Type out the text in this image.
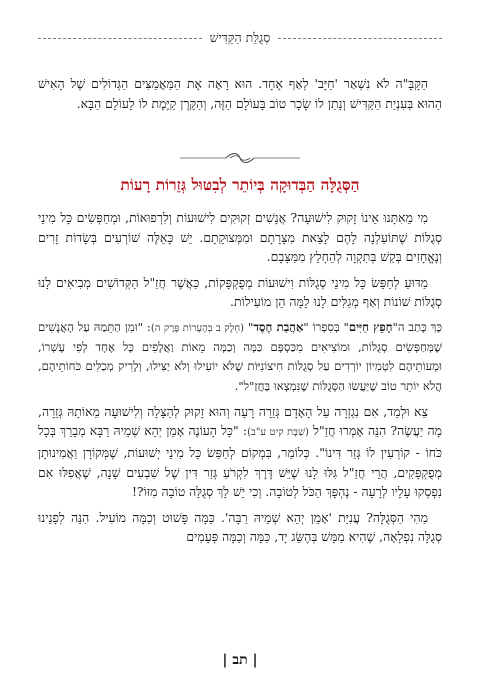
סְגֻלַּת הַקַּדִּישׁ

הַקָּבָּ"ה לֹא נִשְׁאַר 'חַיָּב' לְאַף אֶחָד. הוּא רָאָה אֶת הַמַּאֲמַצִּים הַגְּדוֹלִים שֶׁל הָאִישׁ הַהוּא בְּעִנְיַת הַקַּדִּישׁ וְנָתַן לוֹ שָׂכָר טוֹב בָּעוֹלָם הַזֶּה, וְהַקֶּרֶן קַיֶּמֶת לוֹ לָעוֹלָם הַבָּא.

הַסְּגֻלָּה הַבְּדוּקָה בְּיוֹתֵר לְבִטּוּל גְּזֵרוֹת רָעוֹת

מִי מֵאִתָּנוּ אֵינוֹ זָקוּק לִישׁוּעָה? אֲנָשִׁים זְקוּקִים לִישׁוּעוֹת וְלִרְפוּאוֹת, וּמְחַפְּשִׂים כָּל מִינֵי סְגֻלּוֹת שֶׁתּוֹעַלְנָה לָהֶם לָצֵאת מִצָּרָתָם וּמִמְּצוּקָתָם. יֵשׁ כָּאֵלֶּה שׁוֹרְעִים בְּשָׂדוֹת זָרִים וְנֶאֱחָזִים בְּקַשׁ בְּתִקְוָה לְהֵחָלֵץ מִמַּצָּבָם.

מַדּוּעַ לְחַפֵּשׂ כָּל מִינֵי סְגֻלּוֹת וִישׁוּעוֹת מְפֻקְפָּקוֹת, כַּאֲשֶׁר חֲזַ"ל הַקְּדוֹשִׁים מְבִיאִים לָנוּ סְגֻלּוֹת שׁוֹנוֹת וְאַף מְגַלִּים לָנוּ לָמָּה הֵן מוֹעִילוֹת.

כָּךְ כָּתַב ה"חָפֵץ חַיִּים" בְּסִפְרוֹ "אַהֲבַת חֶסֶד" (חֵלֶק ב בְּהֶעָרוֹת פֶּרֶק ה): "וּמִן הַתֵּמַהּ עַל הָאֲנָשִׁים שֶׁמְּחַפְּשִׂים סְגֻלּוֹת, וּמוֹצִיאִים מִכַּסְפָּם כַּמָּה וְכַמָּה מֵאוֹת וַאֲלָפִים כָּל אֶחָד לְפִי עָשְׁרוֹ, וּמְעוֹתֵיהֶם לִטְמִיוֹן יוֹרְדִים עַל סְגֻלּוֹת חִיצוֹנִיּוֹת שֶׁלֹּא יוֹעִילוּ וְלֹא יַצִּילוּ, וְלָרִיק מְכַלִּים כֹּחוֹתֵיהֶם, הֲלֹא יוֹתֵר טוֹב שֶׁיַּעֲשׂוּ הַסְּגֻלּוֹת שֶׁנִּמְצְאוּ בַּחֲזַ"ל".

צֵא וּלְמַד, אִם נִגְזְרָה עַל הָאָדָם גְּזֵרָה רָעָה וְהוּא זָקוּק לְהַצָּלָה וְלִישׁוּעָה מֵאוֹתָהּ גְּזֵרָה, מָה יַעֲשֶׂה? הִנֵּה אָמְרוּ חֲזַ"ל (שַׁבָּת קיט ע"ב): "כָּל הָעוֹנֶה אָמֵן יְהֵא שְׁמֵיהּ רַבָּא מְבָרַךְ בְּכָל כֹּחוֹ - קוֹרְעִין לוֹ גְּזַר דִּינוֹ". כְּלוֹמַר, בִּמְקוֹם לְחַפֵּשׂ כָּל מִינֵי יְשׁוּעוֹת, שֶׁמְּקוֹרָן וַאֲמִינוּתָן מְפֻקְפָּקִים, הֲרֵי חֲזַ"ל גִּלּוּ לָנוּ שֶׁיֵּשׁ דֶּרֶךְ לִקְרֹעַ גְּזַר דִּין שֶׁל שִׁבְעִים שָׁנָה, שֶׁאֲפִלּוּ אִם נִפְסְקוּ עָלָיו לְרָעָה - נֶהְפָּךְ הַכֹּל לְטוֹבָה. וְכִי יֵשׁ לָךְ סְגֻלָּה טוֹבָה מִזּוֹ?!

מַהִי הַסְּגֻלָּה? עֲנִיַּת 'אָמֵן יְהֵא שְׁמֵיהּ רַבָּה'. כַּמָּה פָּשׁוּט וְכַמָּה מוֹעִיל. הִנֵּה לְפָנֵינוּ סְגֻלָּה נִפְלָאָה, שֶׁהִיא מַמָּשׁ בְּהֶשֵּׂג יָד, כַּמָּה וְכַמָּה פְּעָמִים

| תב |
